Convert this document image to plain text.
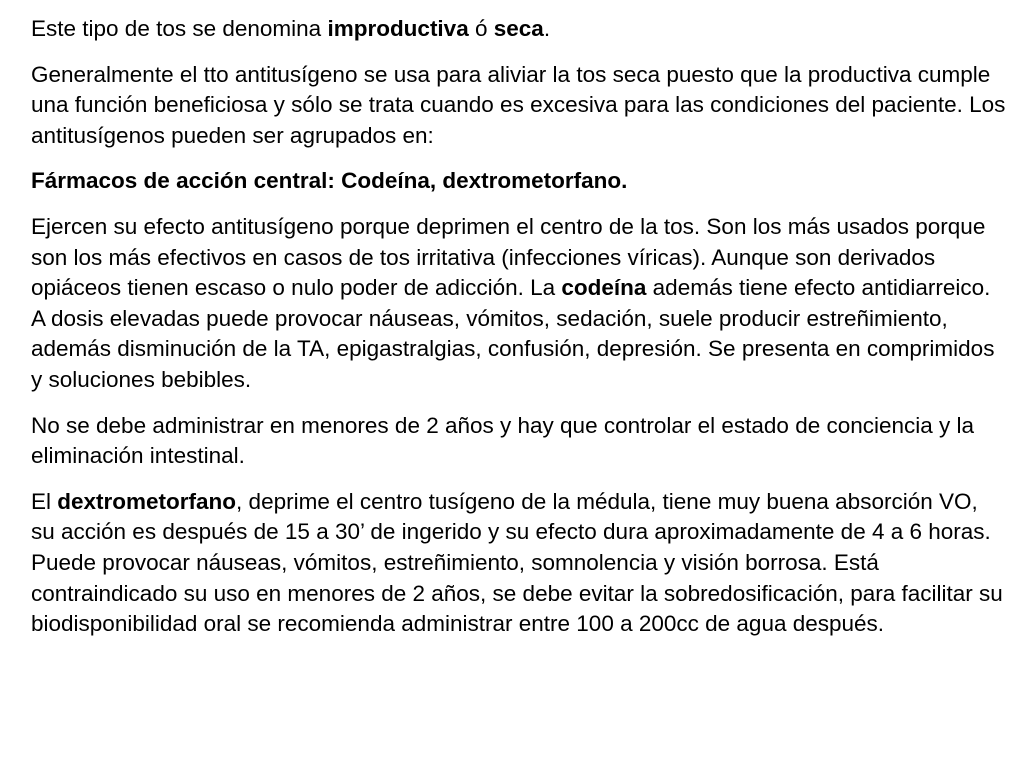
Este tipo de tos se denomina improductiva ó seca.

Generalmente el tto antitusígeno se usa para aliviar la tos seca puesto que la productiva cumple una función beneficiosa y sólo se trata cuando es excesiva para las condiciones del paciente. Los antitusígenos pueden ser agrupados en:

Fármacos de acción central: Codeína, dextrometorfano.

Ejercen su efecto antitusígeno porque deprimen el centro de la tos. Son los más usados porque son los más efectivos en casos de tos irritativa (infecciones víricas). Aunque son derivados opiáceos tienen escaso o nulo poder de adicción. La codeína además tiene efecto antidiarreico. A dosis elevadas puede provocar náuseas, vómitos, sedación, suele producir estreñimiento, además disminución de la TA, epigastralgias, confusión, depresión. Se presenta en comprimidos y soluciones bebibles.

No se debe administrar en menores de 2 años y hay que controlar el estado de conciencia y la eliminación intestinal.

El dextrometorfano, deprime el centro tusígeno de la médula, tiene muy buena absorción VO, su acción es después de 15 a 30’ de ingerido y su efecto dura aproximadamente de 4 a 6 horas. Puede provocar náuseas, vómitos, estreñimiento, somnolencia y visión borrosa. Está contraindicado su uso en menores de 2 años, se debe evitar la sobredosificación, para facilitar su biodisponibilidad oral se recomienda administrar entre 100 a 200cc de agua después.
